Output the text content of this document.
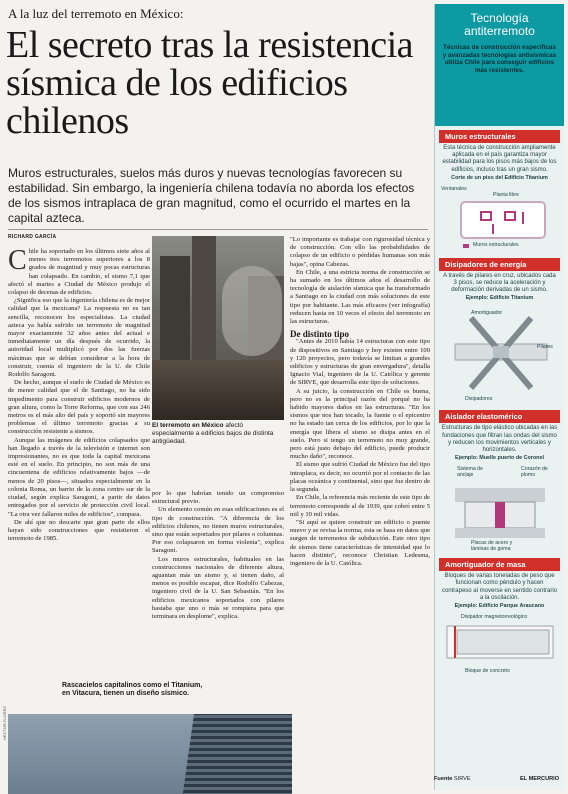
A la luz del terremoto en México:
El secreto tras la resistencia sísmica de los edificios chilenos
Muros estructurales, suelos más duros y nuevas tecnologías favorecen su estabilidad. Sin embargo, la ingeniería chilena todavía no aborda los efectos de los sismos intraplaca de gran magnitud, como el ocurrido el martes en la capital azteca.
RICHARD GARCÍA

Chile ha soportado en los últimos siete años al menos tres terremotos superiores a los 8 grados de magnitud y muy pocas estructuras han colapsado. En cambio, el sismo 7,1 que afectó el martes a Ciudad de México produjo el colapso de decenas de edificios.

¿Significa eso que la ingeniería chilena es de mejor calidad que la mexicana? La respuesta no es tan sencilla, reconocen los especialistas. La ciudad azteca ya había sufrido un terremoto de magnitud mayor exactamente 32 años antes del actual e inmediatamente un día después de ocurrido, la autoridad local multiplicó por dos las fuerzas máximas que se debían considerar a la hora de construir, cuenta el ingeniero de la U. de Chile Rodolfo Saragoni.

De hecho, aunque el suelo de Ciudad de México es de menor calidad que el de Santiago, no ha sido impedimento para construir edificios modernos de gran altura, como la Torre Reforma, que con sus 246 metros es el más alto del país y soportó sin mayores problemas el último terremoto gracias a su construcción resistente a sismos.

Aunque las imágenes de edificios colapsados que han llegado a través de la televisión e internet son impresionantes, no es que toda la capital mexicana esté en el suelo. En principio, no son más de una cincuentena de edificios relativamente bajos —de menos de 20 pisos—, situados especialmente en la colonia Roma, un barrio de la zona centro sur de la ciudad, según explica Saragoni, a partir de datos entregados por el servicio de protección civil local. "La otra vez fallaron miles de edificios", compara.

De ahí que no descarte que gran parte de ellos hayan sido construcciones que resistieron el terremoto de 1985.

El terremoto en México afectó especialmente a edificios bajos de distinta antigüedad.

por lo que habrían tenido un compromiso estructural previo.

Un elemento común en esas edificaciones es el tipo de construcción. "A diferencia de los edificios chilenos, no tienen muros estructurales, sino que están soportados por pilares o columnas. Por eso colapsaron en forma violenta", explica Saragoni.

Los muros estructurales, habituales en las construcciones nacionales de diferente altura, aguantan más un sismo y, si tienen daño, al menos es posible escapar, dice Rodolfo Cabezas, ingeniero civil de la U. San Sebastián. "En los edificios mexicanos soportados con pilares bastaba que uno o más se rompiera para que terminara en desplome", explica.

Rascacielos capitalinos como el Titanium, en Vitacura, tienen un diseño sísmico.

"Lo importante es trabajar con rigurosidad técnica y de construcción. Con ello las probabilidades de colapso de un edificio o pérdidas humanas son más bajas", opina Cabezas.

En Chile, a una estricta norma de construcción se ha sumado en los últimos años el desarrollo de tecnología de aislación sísmica que ha transformado a Santiago en la ciudad con más soluciones de este tipo por habitante. Las más eficaces (ver infografía) reducen hasta en 10 veces el efecto del terremoto en las estructuras.

De distinto tipo

"Antes de 2010 había 14 estructuras con este tipo de dispositivos en Santiago y hoy existen entre 100 y 120 proyectos, pero todavía se limitan a grandes edificios y estructuras de gran envergadura", detalla Ignacio Vial, ingeniero de la U. Católica y gerente de SIRVE, que desarrolla este tipo de soluciones.

A su juicio, la construcción en Chile es buena, pero no es la principal razón del porqué no ha habido mayores daños en las estructuras. "En los sismos que nos han tocado, la fuente o el epicentro no ha estado tan cerca de los edificios, por lo que la energía que libera el sismo se disipa antes en el suelo. Pero si tengo un terremoto no muy grande, pero está justo debajo del edificio, puede producir mucho daño", reconoce.

El sismo que sufrió Ciudad de México fue del tipo intraplaca, es decir, no ocurrió por el contacto de las placas oceánica y continental, sino que fue dentro de la segunda.

En Chile, la referencia más reciente de este tipo de terremoto corresponde al de 1939, que cobró entre 5 mil y 10 mil vidas.

"Si aquí se quiere construir un edificio o puente nuevo y se revisa la norma, esta se basa en datos que surgen de terremotos de subducción. Este otro tipo de sismos tiene características de intensidad que lo hacen distinto", reconoce Christian Ledesma, ingeniero de la U. Católica.

HECTOR FLORES
Tecnología antiterremoto
Técnicas de construcción específicas y avanzadas tecnologías antisísmicas utiliza Chile para conseguir edificios más resistentes.
Muros estructurales
Esta técnica de construcción ampliamente aplicada en el país garantiza mayor estabilidad para los pisos más bajos de los edificios, incluso tras un gran sismo.
Corte de un piso del Edificio Titanium
Ventanales
Planta libre
Muros estructurales
Disipadores de energía
A través de pilares en cruz, ubicados cada 3 pisos, se reduce la aceleración y deformación derivadas de un sismo.
Ejemplo: Edificio Titanium
Amortiguador
Pilares
Disipadores
Aislador elastomérico
Estructuras de tipo elástico ubicadas en las fundaciones que filtran las ondas del sismo y reducen los movimientos verticales y horizontales.
Ejemplo: Muelle puerto de Coronel
Sistema de anclaje
Corazón de plomo
Placas de acero y láminas de goma
Amortiguador de masa
Bloques de varias toneladas de peso que funcionan como péndulo y hacen contrapeso al moverse en sentido contrario a la oscilación.
Ejemplo: Edificio Parque Araucano
Disipador magnetorreológico
Bloque de concreto
Fuente SIRVE	EL MERCURIO
